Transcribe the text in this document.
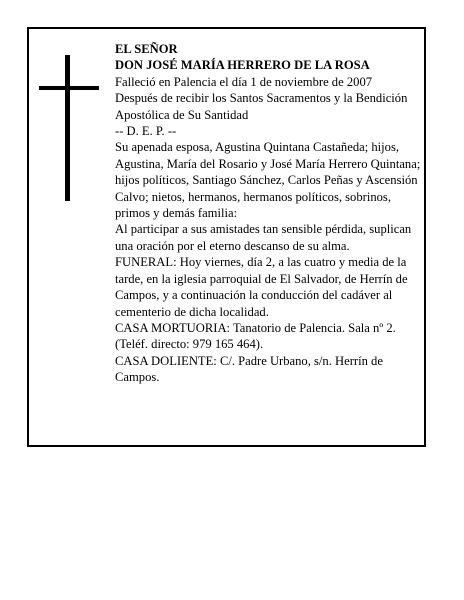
EL SEÑOR

DON JOSÉ MARÍA HERRERO DE LA ROSA

Falleció en Palencia el día 1 de noviembre de 2007

Después de recibir los Santos Sacramentos y la Bendición Apostólica de Su Santidad

-- D. E. P. --

Su apenada esposa, Agustina Quintana Castañeda; hijos, Agustina, María del Rosario y José María Herrero Quintana; hijos políticos, Santiago Sánchez, Carlos Peñas y Ascensión Calvo; nietos, hermanos, hermanos políticos, sobrinos, primos y demás familia:

Al participar a sus amistades tan sensible pérdida, suplican una oración por el eterno descanso de su alma.

FUNERAL: Hoy viernes, día 2, a las cuatro y media de la tarde, en la iglesia parroquial de El Salvador, de Herrín de Campos, y a continuación la conducción del cadáver al cementerio de dicha localidad.

CASA MORTUORIA: Tanatorio de Palencia. Sala nº 2. (Teléf. directo: 979 165 464).

CASA DOLIENTE: C/. Padre Urbano, s/n. Herrín de Campos.
